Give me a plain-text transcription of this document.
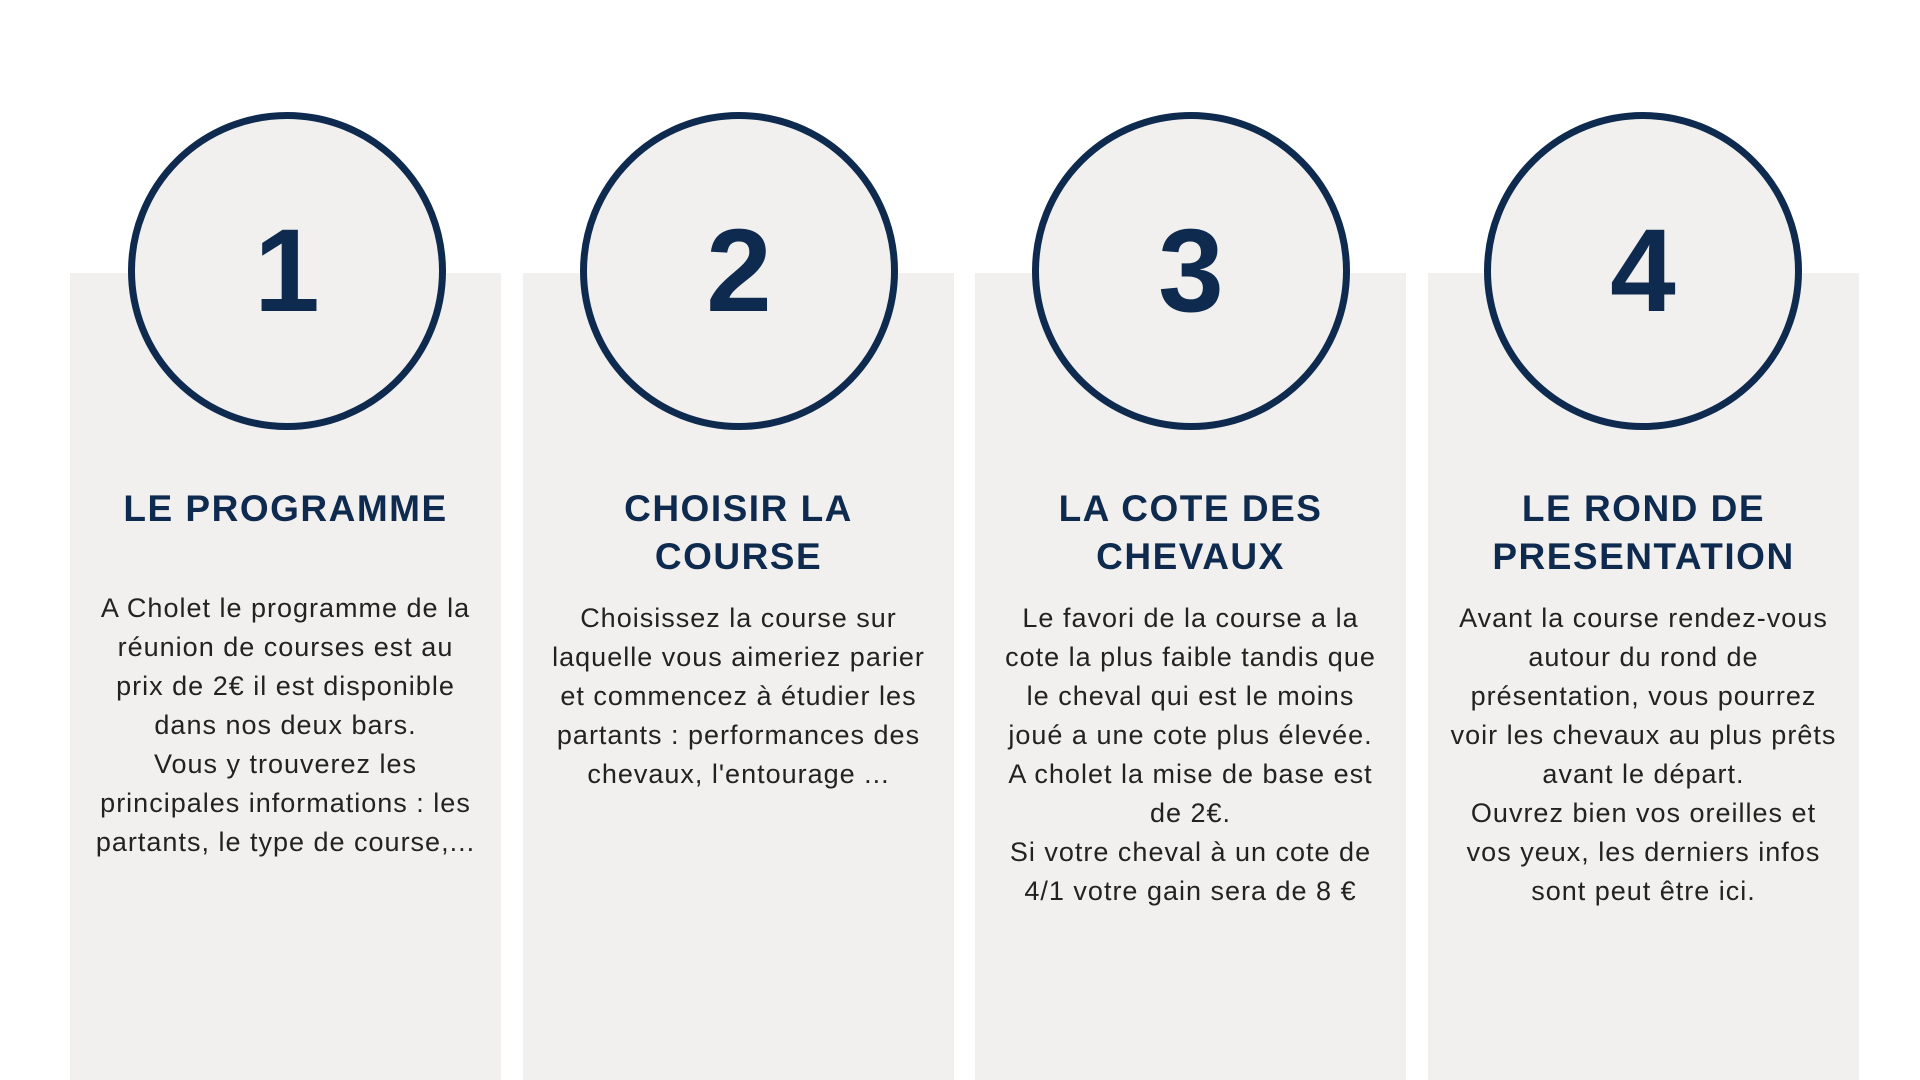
LE PROGRAMME

A Cholet le programme de la réunion de courses est au prix de 2€ il est disponible dans nos deux bars.

Vous y trouverez les principales informations : les partants, le type de course,...

1
CHOISIR LA
COURSE

Choisissez la course sur laquelle vous aimeriez parier et commencez à étudier les partants : performances des chevaux, l'entourage ...

2
LA COTE DES
CHEVAUX

Le favori de la course a la cote la plus faible tandis que le cheval qui est le moins joué a une cote plus élevée.

A cholet la mise de base est de 2€.

Si votre cheval à un cote de 4/1 votre gain sera de 8 €

3
LE ROND DE
PRESENTATION

Avant la course rendez-vous autour du rond de présentation, vous pourrez voir les chevaux au plus prêts avant le départ.

Ouvrez bien vos oreilles et vos yeux, les derniers infos sont peut être ici.

4
